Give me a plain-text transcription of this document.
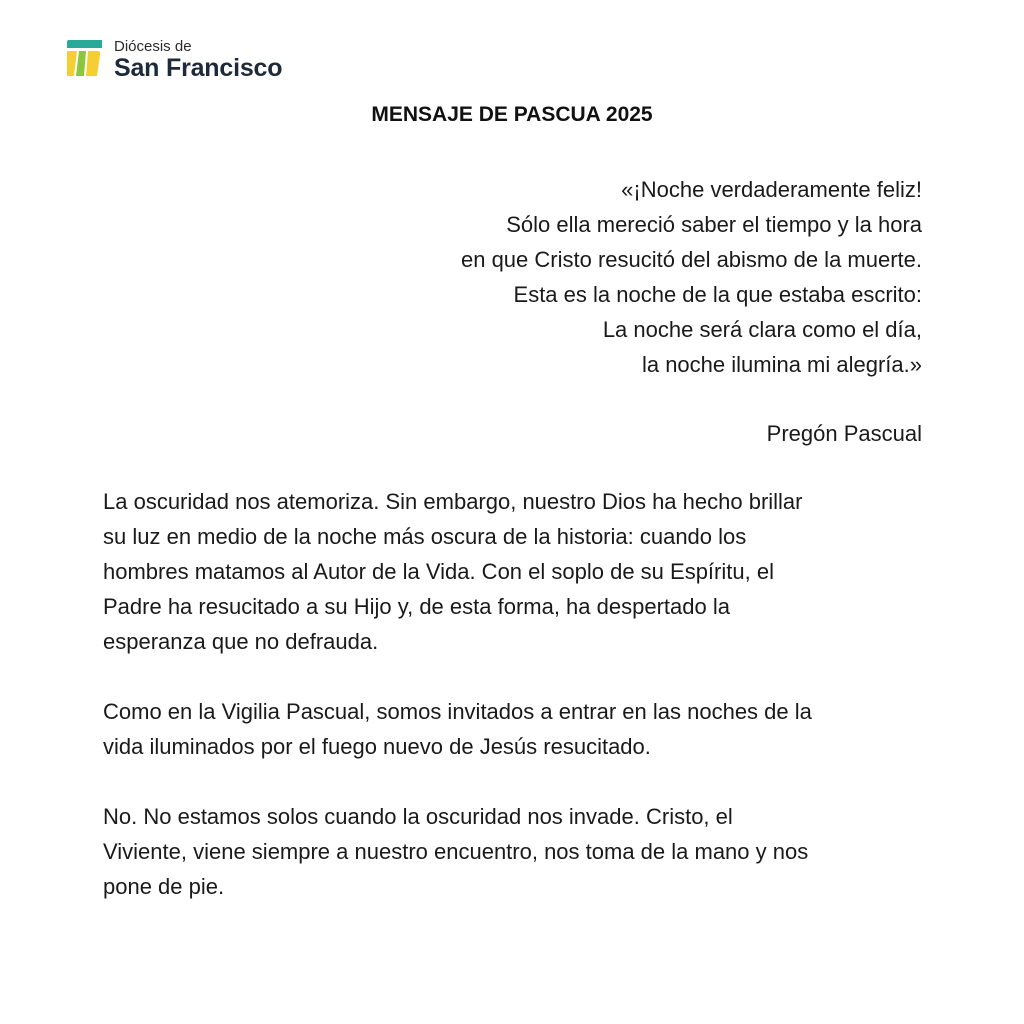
Diócesis de
San Francisco
MENSAJE DE PASCUA 2025
«¡Noche verdaderamente feliz!
Sólo ella mereció saber el tiempo y la hora
en que Cristo resucitó del abismo de la muerte.
Esta es la noche de la que estaba escrito:
La noche será clara como el día,
la noche ilumina mi alegría.»
Pregón Pascual

La oscuridad nos atemoriza. Sin embargo, nuestro Dios ha hecho brillar
su luz en medio de la noche más oscura de la historia: cuando los
hombres matamos al Autor de la Vida. Con el soplo de su Espíritu, el
Padre ha resucitado a su Hijo y, de esta forma, ha despertado la
esperanza que no defrauda.

Como en la Vigilia Pascual, somos invitados a entrar en las noches de la
vida iluminados por el fuego nuevo de Jesús resucitado.

No. No estamos solos cuando la oscuridad nos invade. Cristo, el
Viviente, viene siempre a nuestro encuentro, nos toma de la mano y nos
pone de pie.
